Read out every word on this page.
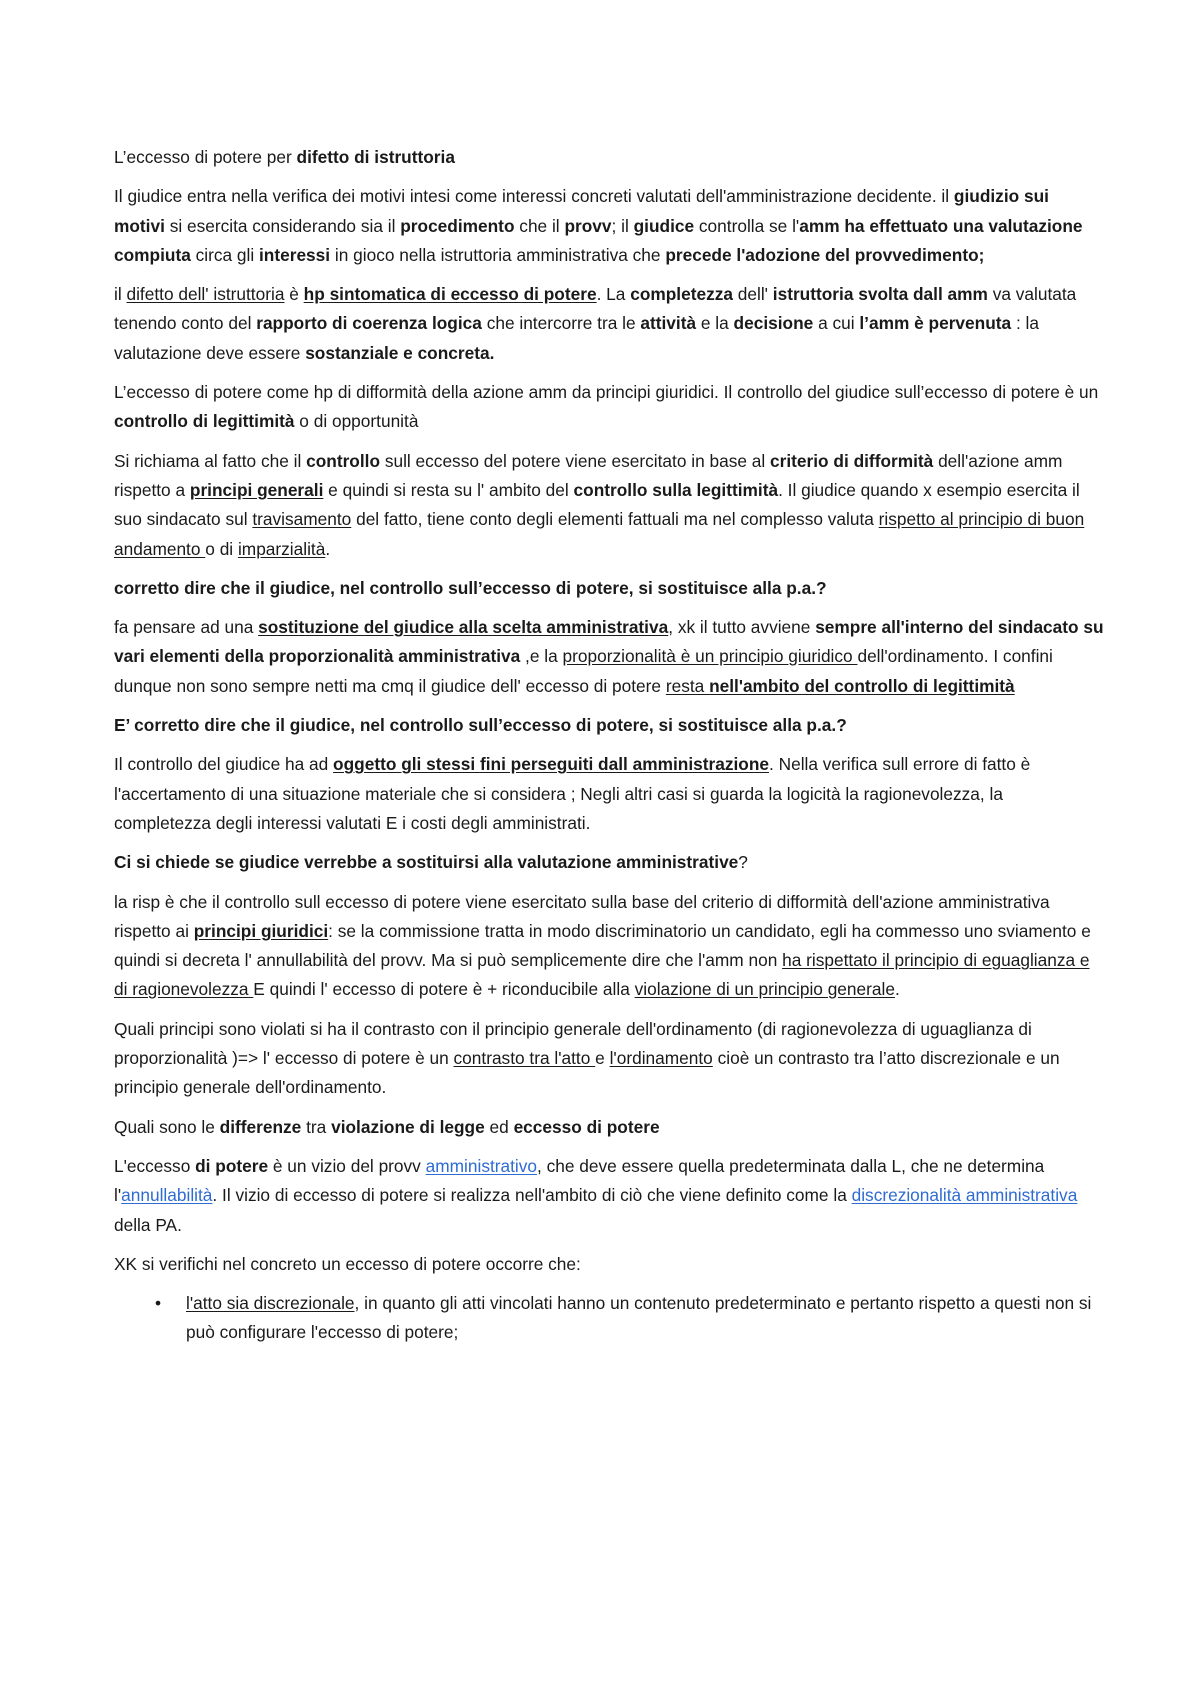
L’eccesso di potere per difetto di istruttoria

Il giudice entra nella verifica dei motivi intesi come interessi concreti valutati dell'amministrazione decidente. il giudizio sui motivi si esercita considerando sia il procedimento che il provv; il giudice controlla se l'amm ha effettuato una valutazione compiuta circa gli interessi in gioco nella istruttoria amministrativa che precede l'adozione del provvedimento;

il difetto dell' istruttoria è hp sintomatica di eccesso di potere. La completezza dell' istruttoria svolta dall amm va valutata tenendo conto del rapporto di coerenza logica che intercorre tra le attività e la decisione a cui l’amm è pervenuta : la valutazione deve essere sostanziale e concreta.

L’eccesso di potere come hp di difformità della azione amm da principi giuridici. Il controllo del giudice sull’eccesso di potere è un controllo di legittimità o di opportunità

Si richiama al fatto che il controllo sull eccesso del potere viene esercitato in base al criterio di difformità dell'azione amm rispetto a principi generali e quindi si resta su l' ambito del controllo sulla legittimità. Il giudice quando x esempio esercita il suo sindacato sul travisamento del fatto, tiene conto degli elementi fattuali ma nel complesso valuta rispetto al principio di buon andamento o di imparzialità.

corretto dire che il giudice, nel controllo sull’eccesso di potere, si sostituisce alla p.a.?

fa pensare ad una sostituzione del giudice alla scelta amministrativa, xk il tutto avviene sempre all'interno del sindacato su vari elementi della proporzionalità amministrativa ,e la proporzionalità è un principio giuridico dell'ordinamento. I confini dunque non sono sempre netti ma cmq il giudice dell' eccesso di potere resta nell'ambito del controllo di legittimità

E’ corretto dire che il giudice, nel controllo sull’eccesso di potere, si sostituisce alla p.a.?

Il controllo del giudice ha ad oggetto gli stessi fini perseguiti dall amministrazione. Nella verifica sull errore di fatto è l'accertamento di una situazione materiale che si considera ; Negli altri casi si guarda la logicità la ragionevolezza, la completezza degli interessi valutati E i costi degli amministrati.

Ci si chiede se giudice verrebbe a sostituirsi alla valutazione amministrative?

la risp è che il controllo sull eccesso di potere viene esercitato sulla base del criterio di difformità dell'azione amministrativa rispetto ai principi giuridici: se la commissione tratta in modo discriminatorio un candidato, egli ha commesso uno sviamento e quindi si decreta l' annullabilità del provv. Ma si può semplicemente dire che l'amm non ha rispettato il principio di eguaglianza e di ragionevolezza E quindi l' eccesso di potere è + riconducibile alla violazione di un principio generale.

Quali principi sono violati si ha il contrasto con il principio generale dell'ordinamento (di ragionevolezza di uguaglianza di proporzionalità )=> l' eccesso di potere è un contrasto tra l'atto e l'ordinamento cioè un contrasto tra l’atto discrezionale e un principio generale dell'ordinamento.

Quali sono le differenze tra violazione di legge ed eccesso di potere

L'eccesso di potere è un vizio del provv amministrativo, che deve essere quella predeterminata dalla L, che ne determina l'annullabilità. Il vizio di eccesso di potere si realizza nell'ambito di ciò che viene definito come la discrezionalità amministrativa della PA.

XK si verifichi nel concreto un eccesso di potere occorre che:

• l'atto sia discrezionale, in quanto gli atti vincolati hanno un contenuto predeterminato e pertanto rispetto a questi non si può configurare l'eccesso di potere;
